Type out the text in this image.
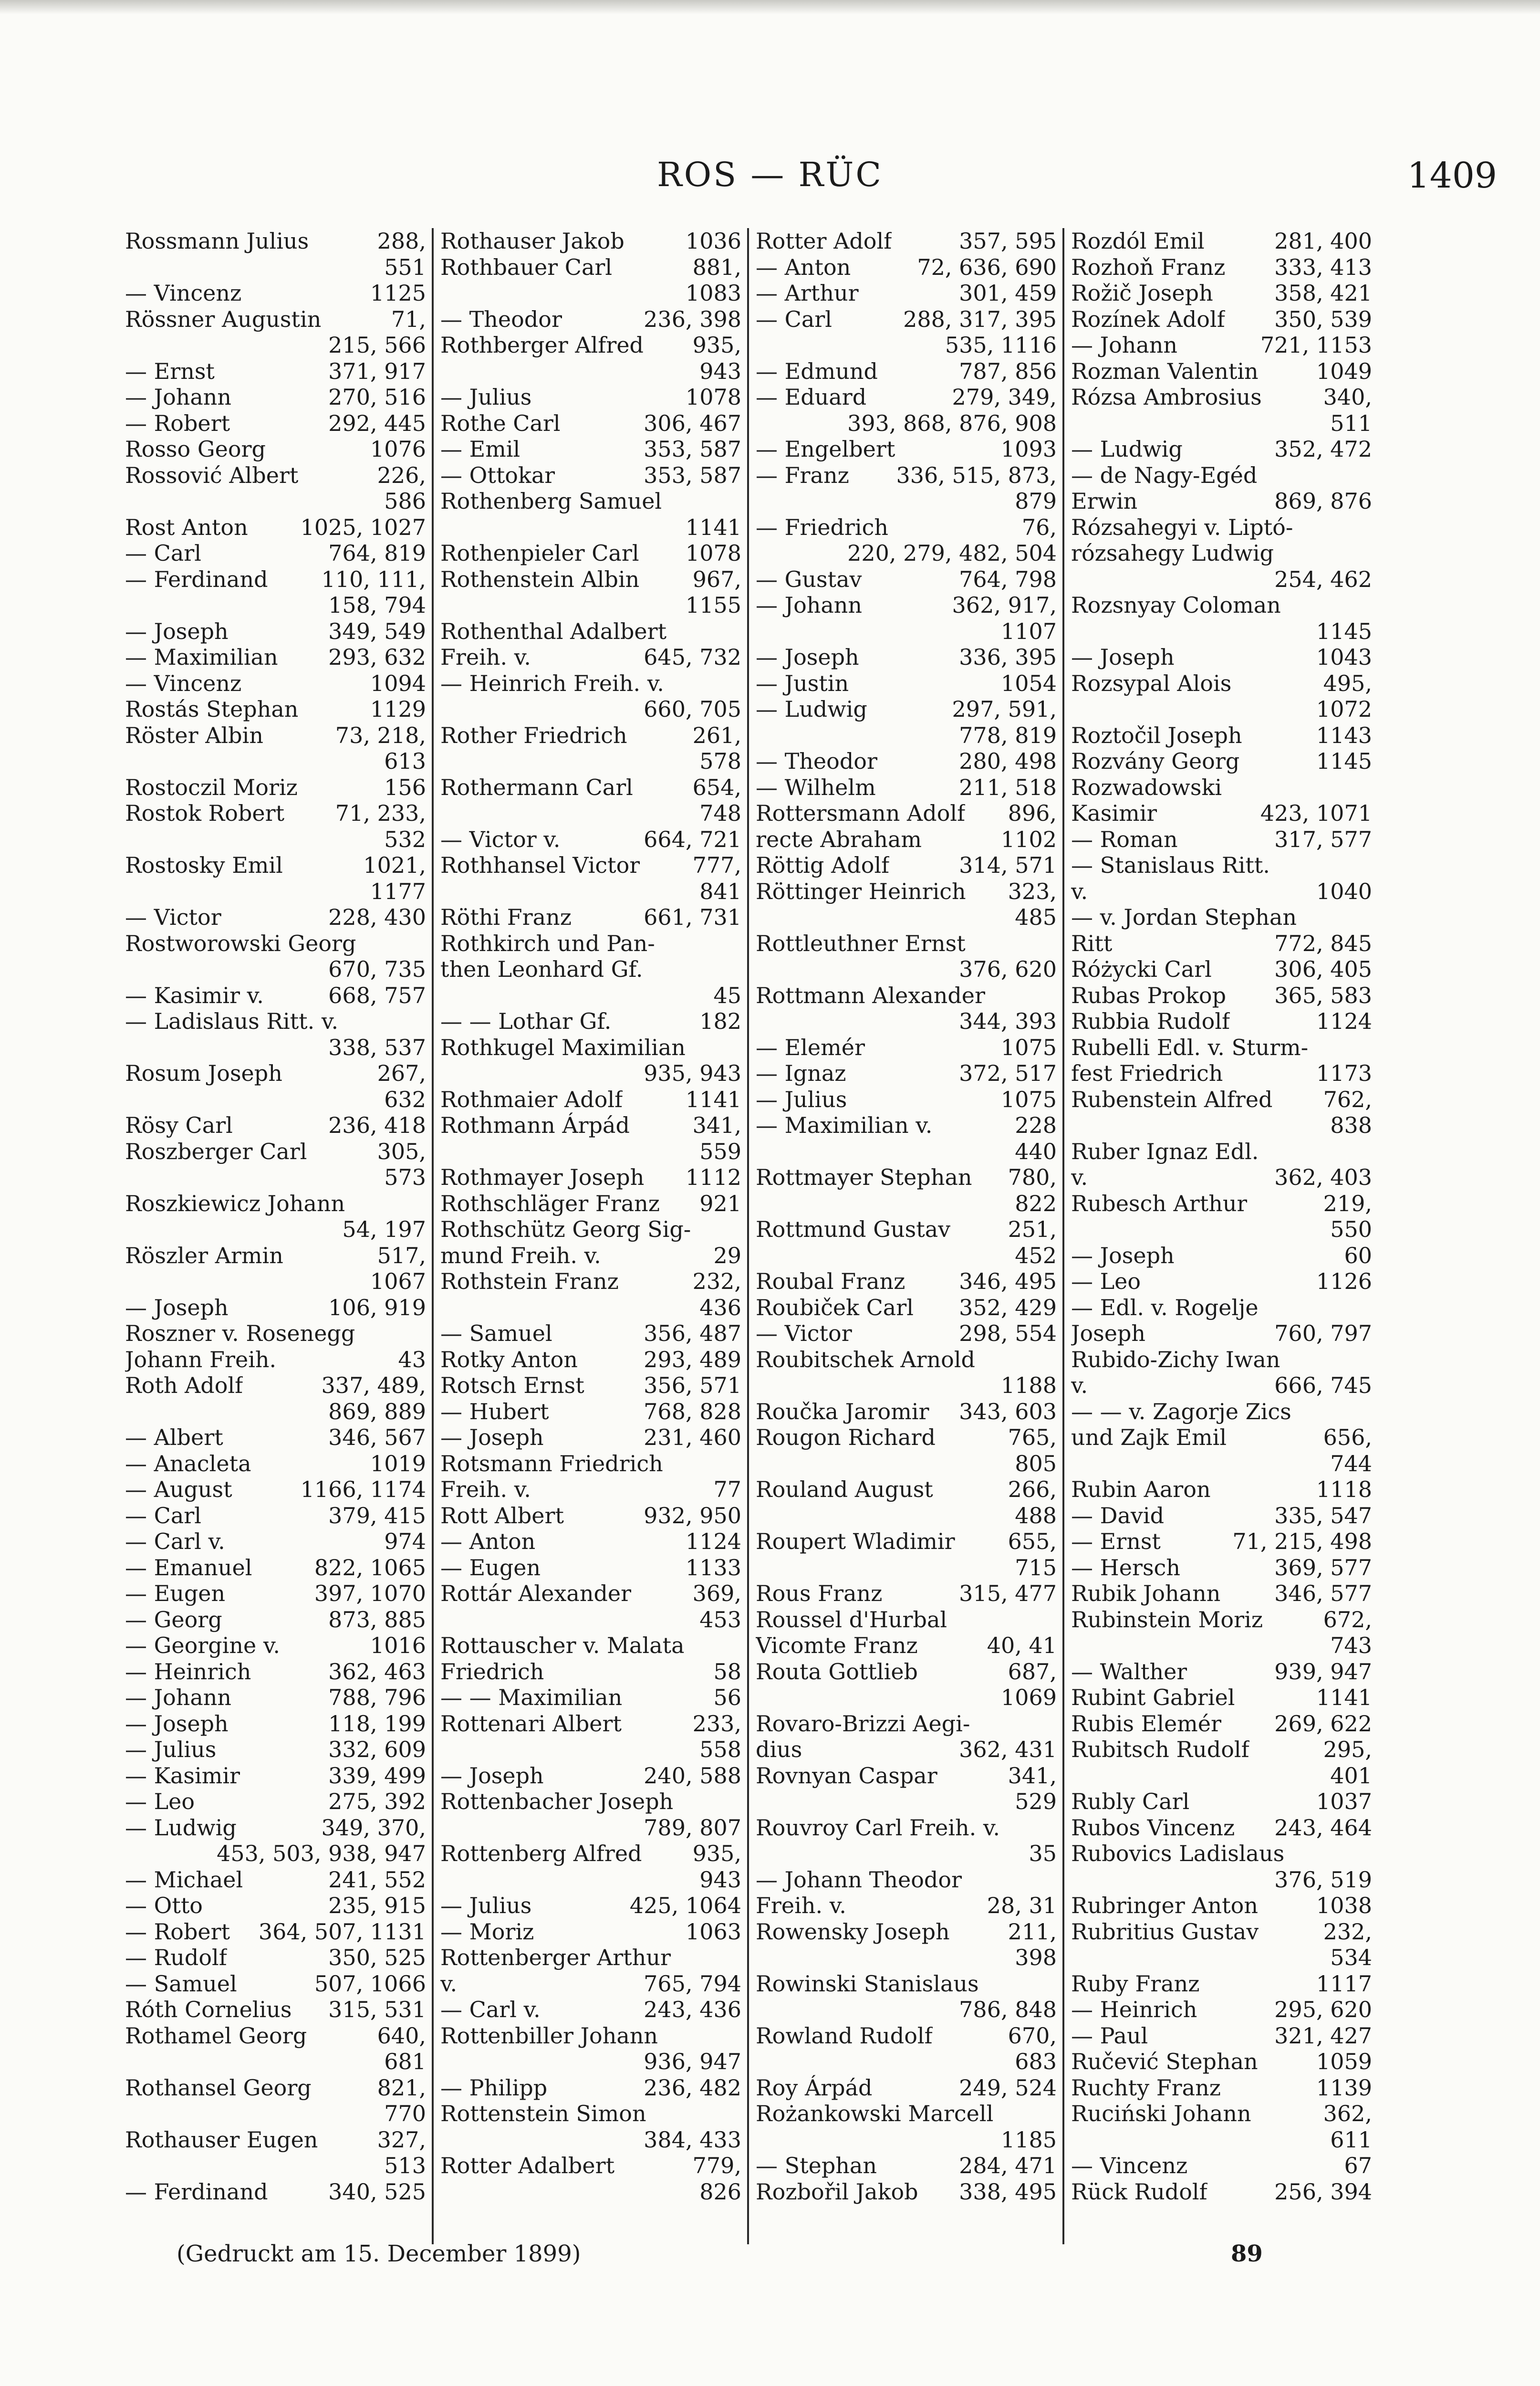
ROS — RÜC	1409
Rossmann Julius	288,
551
— Vincenz	1125
Rössner Augustin	71,
215, 566
— Ernst	371, 917
— Johann	270, 516
— Robert	292, 445
Rosso Georg	1076
Rossović Albert	226,
586
Rost Anton 1025, 1027
— Carl	764, 819
— Ferdinand 110, 111,
158, 794
— Joseph	349, 549
— Maximilian 293, 632
— Vincenz	1094
Rostás Stephan	1129
Röster Albin	73, 218,
613
Rostoczil Moriz	156
Rostok Robert 71, 233,
532
Rostosky Emil	1021,
1177
— Victor	228, 430
Rostworowski Georg
670, 735
— Kasimir v.	668, 757
— Ladislaus Ritt. v.
338, 537
Rosum Joseph	267,
632
Rösy Carl	236, 418
Roszberger Carl	305,
573
Roszkiewicz Johann
54, 197
Röszler Armin	517,
1067
— Joseph	106, 919
Roszner v. Rosenegg
Johann Freih.	43
Roth Adolf	337, 489,
869, 889
— Albert	346, 567
— Anacleta	1019
— August	1166, 1174
— Carl	379, 415
— Carl v.	974
— Emanuel	822, 1065
— Eugen	397, 1070
— Georg	873, 885
— Georgine v.	1016
— Heinrich	362, 463
— Johann	788, 796
— Joseph	118, 199
— Julius	332, 609
— Kasimir	339, 499
— Leo	275, 392
— Ludwig	349, 370,
453, 503, 938, 947
— Michael	241, 552
— Otto	235, 915
— Robert 364, 507, 1131
— Rudolf	350, 525
— Samuel	507, 1066
Róth Cornelius 315, 531
Rothamel Georg	640,
681
Rothansel Georg	821,
770
Rothauser Eugen	327,
513
— Ferdinand	340, 525
Rothauser Jakob	1036
Rothbauer Carl	881,
1083
— Theodor	236, 398
Rothberger Alfred 935,
943
— Julius	1078
Rothe Carl	306, 467
— Emil	353, 587
— Ottokar	353, 587
Rothenberg Samuel
1141
Rothenpieler Carl 1078
Rothenstein Albin 967,
1155
Rothenthal Adalbert
Freih. v.	645, 732
— Heinrich Freih. v.
660, 705
Rother Friedrich	261,
578
Rothermann Carl	654,
748
— Victor v.	664, 721
Rothhansel Victor 777,
841
Röthi Franz	661, 731
Rothkirch und Pan-
then Leonhard Gf.
45
— — Lothar Gf.	182
Rothkugel Maximilian
935, 943
Rothmaier Adolf	1141
Rothmann Árpád	341,
559
Rothmayer Joseph 1112
Rothschläger Franz 921
Rothschütz Georg Sig-
mund Freih. v.	29
Rothstein Franz	232,
436
— Samuel	356, 487
Rotky Anton	293, 489
Rotsch Ernst	356, 571
— Hubert	768, 828
— Joseph	231, 460
Rotsmann Friedrich
Freih. v.	77
Rott Albert	932, 950
— Anton	1124
— Eugen	1133
Rottár Alexander	369,
453
Rottauscher v. Malata
Friedrich	58
— — Maximilian	56
Rottenari Albert	233,
558
— Joseph	240, 588
Rottenbacher Joseph
789, 807
Rottenberg Alfred 935,
943
— Julius	425, 1064
— Moriz	1063
Rottenberger Arthur
v.	765, 794
— Carl v.	243, 436
Rottenbiller Johann
936, 947
— Philipp	236, 482
Rottenstein Simon
384, 433
Rotter Adalbert	779,
826
Rotter Adolf	357, 595
— Anton	72, 636, 690
— Arthur	301, 459
— Carl	288, 317, 395
535, 1116
— Edmund	787, 856
— Eduard	279, 349,
393, 868, 876, 908
— Engelbert	1093
— Franz 336, 515, 873,
879
— Friedrich	76,
220, 279, 482, 504
— Gustav	764, 798
— Johann	362, 917,
1107
— Joseph	336, 395
— Justin	1054
— Ludwig	297, 591,
778, 819
— Theodor	280, 498
— Wilhelm	211, 518
Rottersmann Adolf 896,
recte Abraham	1102
Röttig Adolf	314, 571
Röttinger Heinrich 323,
485
Rottleuthner Ernst
376, 620
Rottmann Alexander
344, 393
— Elemér	1075
— Ignaz	372, 517
— Julius	1075
— Maximilian v.	228
440
Rottmayer Stephan 780,
822
Rottmund Gustav	251,
452
Roubal Franz 346, 495
Roubiček Carl 352, 429
— Victor	298, 554
Roubitschek Arnold
1188
Roučka Jaromir 343, 603
Rougon Richard	765,
805
Rouland August	266,
488
Roupert Wladimir 655,
715
Rous Franz	315, 477
Roussel d'Hurbal
Vicomte Franz	40, 41
Routa Gottlieb	687,
1069
Rovaro-Brizzi Aegi-
dius	362, 431
Rovnyan Caspar	341,
529
Rouvroy Carl Freih. v.
35
— Johann Theodor
Freih. v.	28, 31
Rowensky Joseph	211,
398
Rowinski Stanislaus
786, 848
Rowland Rudolf	670,
683
Roy Árpád	249, 524
Rożankowski Marcell
1185
— Stephan	284, 471
Rozbořil Jakob 338, 495
Rozdól Emil	281, 400
Rozhoň Franz 333, 413
Rožič Joseph	358, 421
Rozínek Adolf 350, 539
— Johann	721, 1153
Rozman Valentin	1049
Rózsa Ambrosius	340,
511
— Ludwig	352, 472
— de Nagy-Egéd
Erwin	869, 876
Rózsahegyi v. Liptó-
rózsahegy Ludwig
254, 462
Rozsnyay Coloman
1145
— Joseph	1043
Rozsypal Alois	495,
1072
Roztočil Joseph	1143
Rozvány Georg	1145
Rozwadowski
Kasimir	423, 1071
— Roman	317, 577
— Stanislaus Ritt.
v.	1040
— v. Jordan Stephan
Ritt	772, 845
Różycki Carl	306, 405
Rubas Prokop 365, 583
Rubbia Rudolf	1124
Rubelli Edl. v. Sturm-
fest Friedrich	1173
Rubenstein Alfred 762,
838
Ruber Ignaz Edl.
v.	362, 403
Rubesch Arthur	219,
550
— Joseph	60
— Leo	1126
— Edl. v. Rogelje
Joseph	760, 797
Rubido-Zichy Iwan
v.	666, 745
— — v. Zagorje Zics
und Zajk Emil	656,
744
Rubin Aaron	1118
— David	335, 547
— Ernst	71, 215, 498
— Hersch	369, 577
Rubik Johann 346, 577
Rubinstein Moriz	672,
743
— Walther	939, 947
Rubint Gabriel	1141
Rubis Elemér 269, 622
Rubitsch Rudolf	295,
401
Rubly Carl	1037
Rubos Vincenz 243, 464
Rubovics Ladislaus
376, 519
Rubringer Anton	1038
Rubritius Gustav	232,
534
Ruby Franz	1117
— Heinrich	295, 620
— Paul	321, 427
Ručević Stephan	1059
Ruchty Franz	1139
Ruciński Johann	362,
611
— Vincenz	67
Rück Rudolf	256, 394
(Gedruckt am 15. December 1899)	89
